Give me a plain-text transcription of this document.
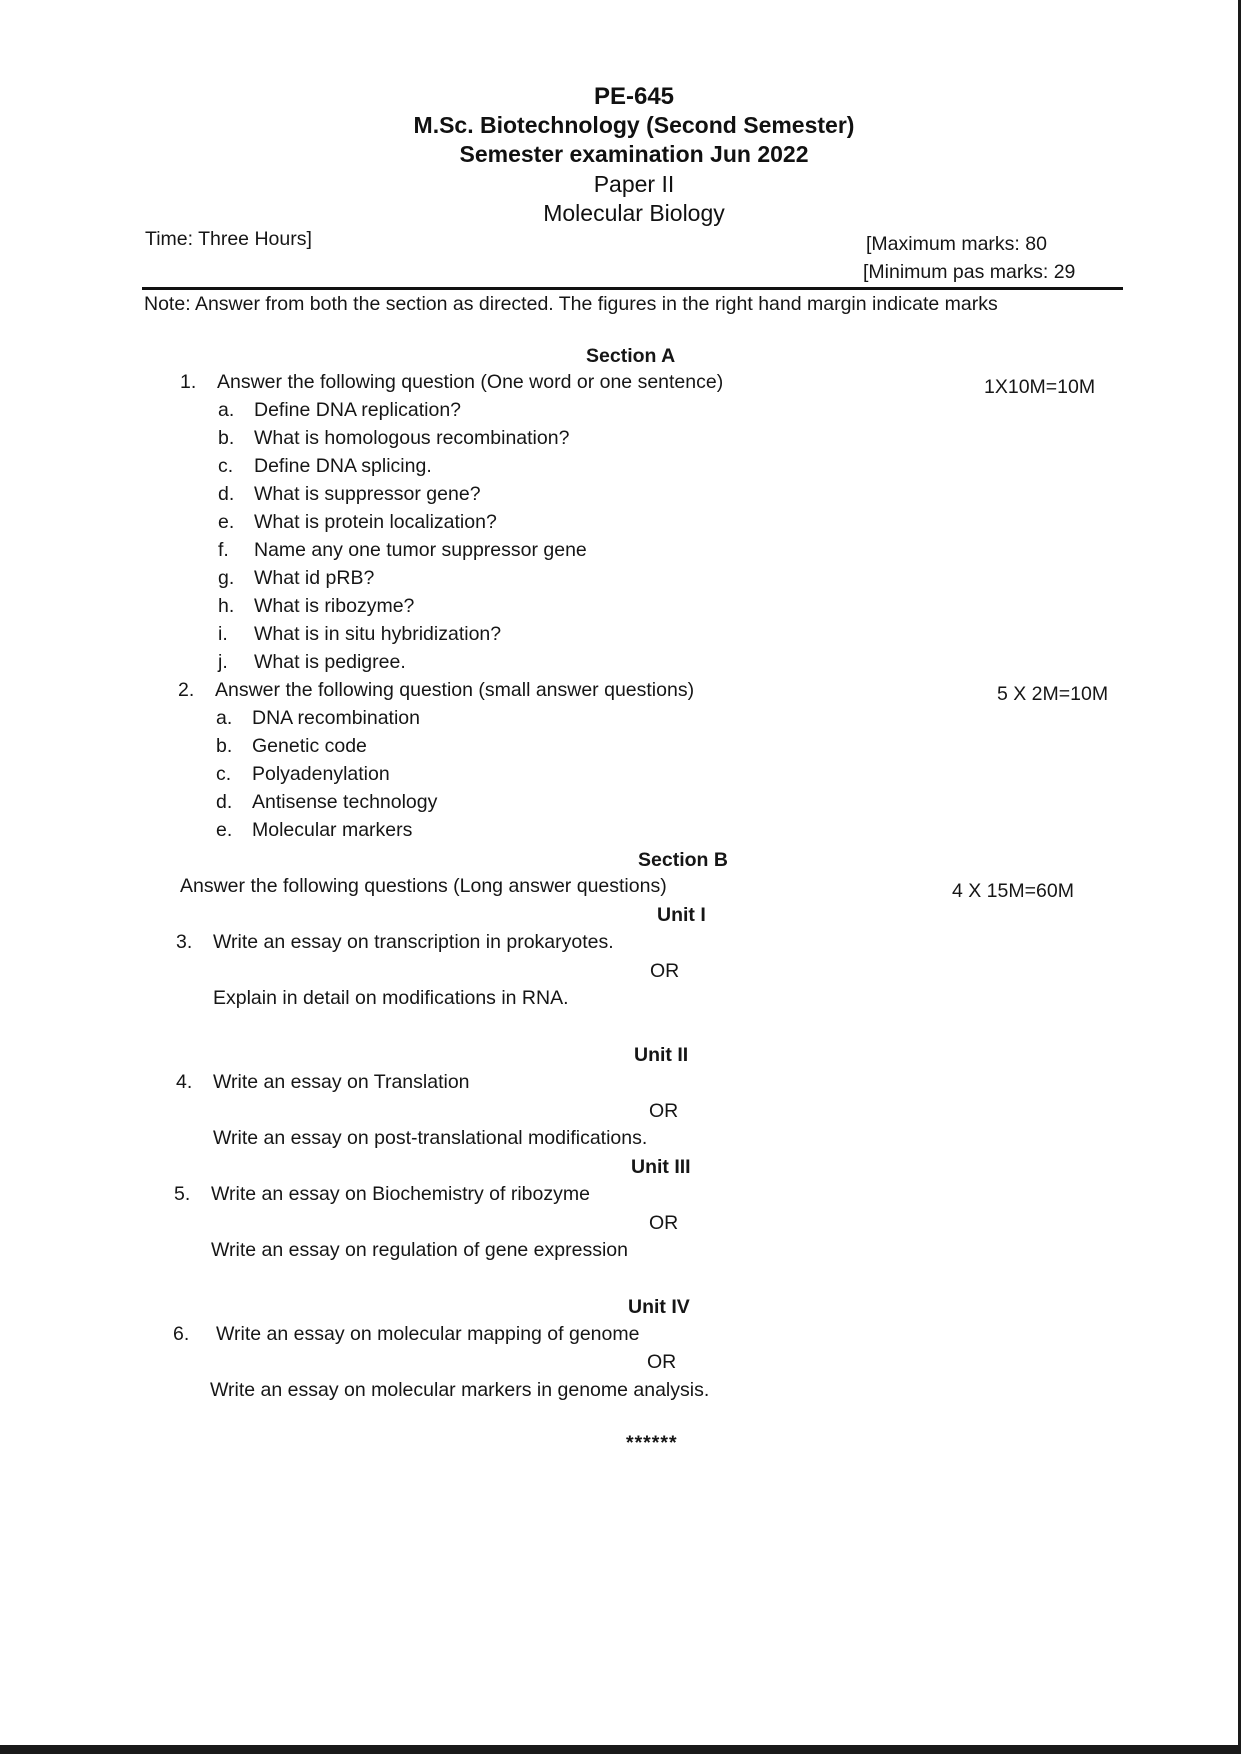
PE-645
M.Sc. Biotechnology (Second Semester)
Semester examination Jun 2022
Paper II
Molecular Biology
Time: Three Hours]	[Maximum marks: 80
[Minimum pas marks: 29
Note: Answer from both the section as directed. The figures in the right hand margin indicate marks
Section A
1. Answer the following question (One word or one sentence)	1X10M=10M
a. Define DNA replication?
b. What is homologous recombination?
c. Define DNA splicing.
d. What is suppressor gene?
e. What is protein localization?
f. Name any one tumor suppressor gene
g. What id pRB?
h. What is ribozyme?
i. What is in situ hybridization?
j. What is pedigree.
2. Answer the following question (small answer questions)	5 X 2M=10M
a. DNA recombination
b. Genetic code
c. Polyadenylation
d. Antisense technology
e. Molecular markers
Section B
Answer the following questions (Long answer questions)	4 X 15M=60M
Unit I
3. Write an essay on transcription in prokaryotes.
OR
Explain in detail on modifications in RNA.
Unit II
4. Write an essay on Translation
OR
Write an essay on post-translational modifications.
Unit III
5. Write an essay on Biochemistry of ribozyme
OR
Write an essay on regulation of gene expression
Unit IV
6. Write an essay on molecular mapping of genome
OR
Write an essay on molecular markers in genome analysis.
******
